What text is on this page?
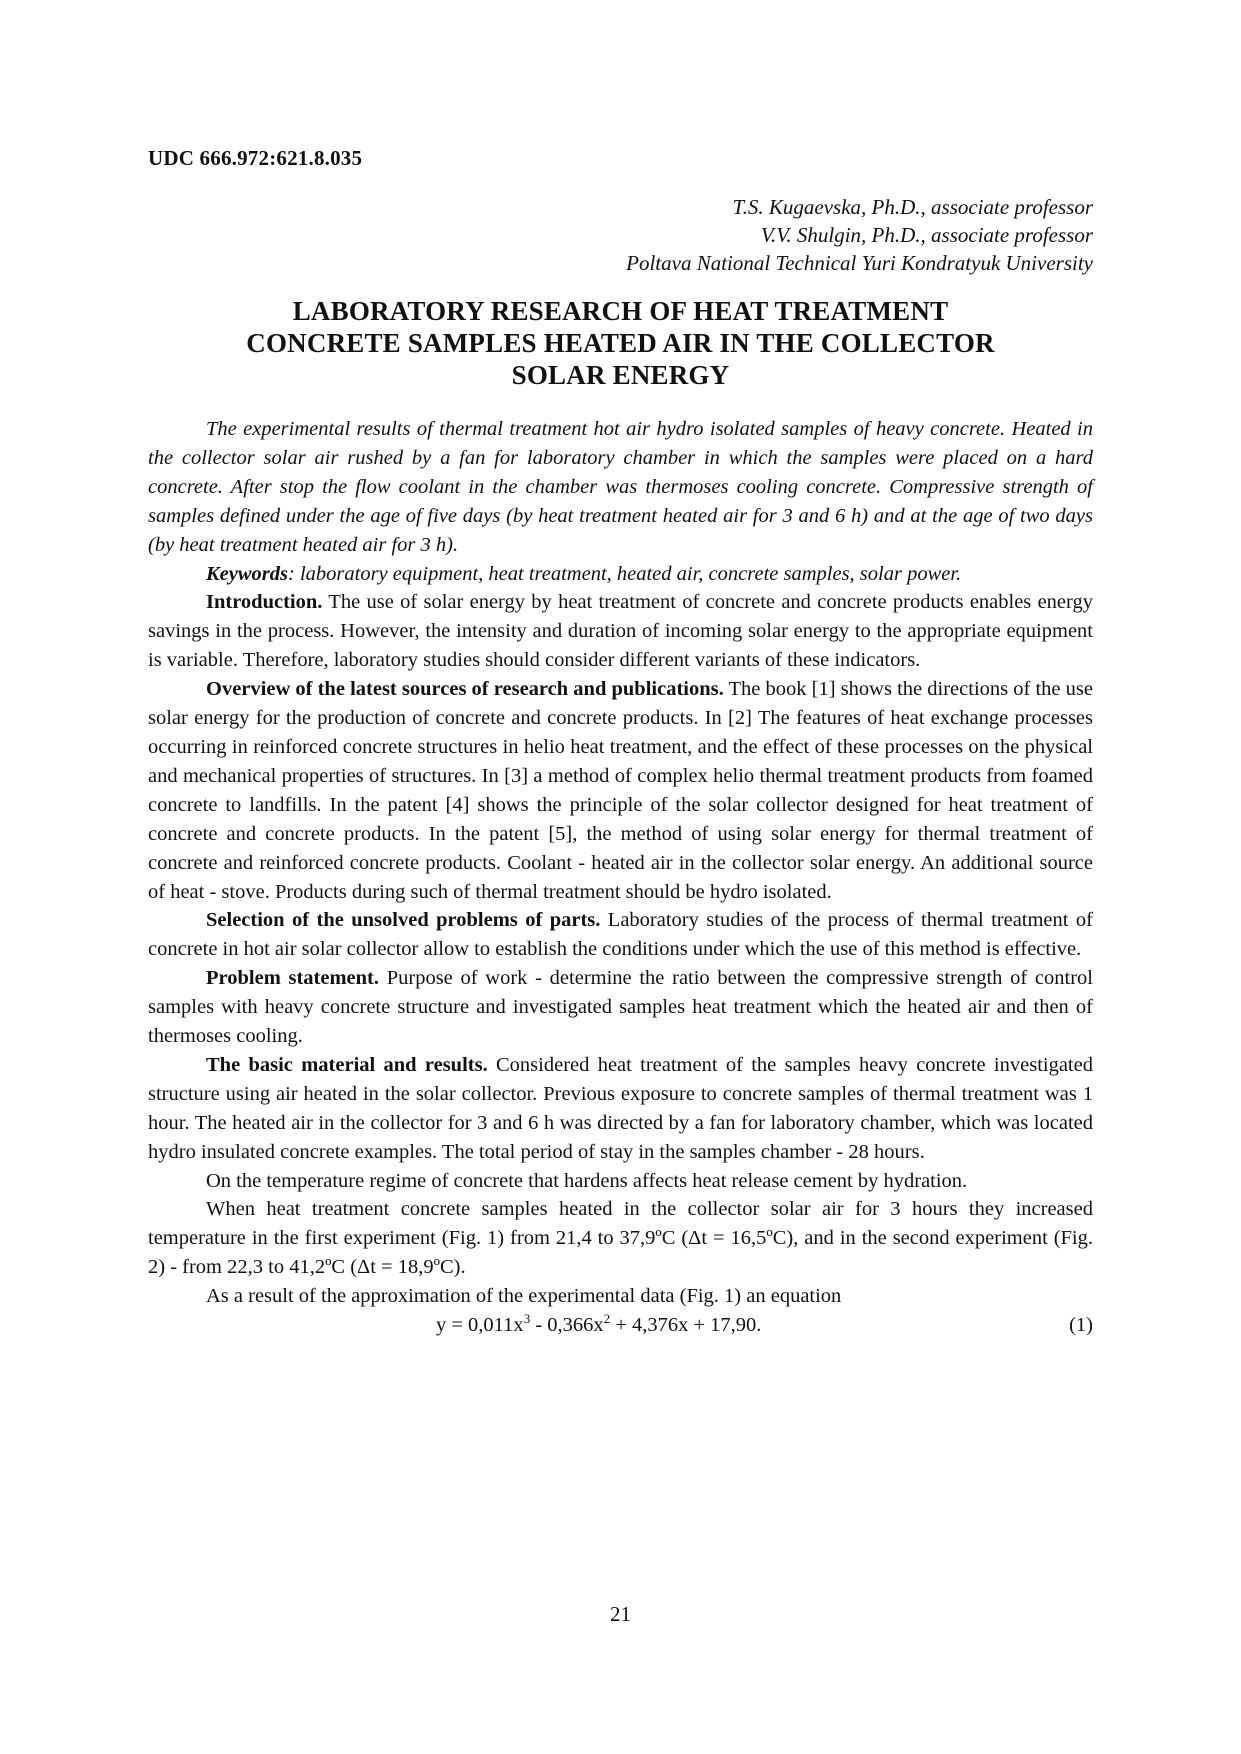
UDC 666.972:621.8.035
T.S. Kugaevska, Ph.D., associate professor
V.V. Shulgin, Ph.D., associate professor
Poltava National Technical Yuri Kondratyuk University
LABORATORY RESEARCH OF HEAT TREATMENT
CONCRETE SAMPLES HEATED AIR IN THE COLLECTOR
SOLAR ENERGY

The experimental results of thermal treatment hot air hydro isolated samples of heavy concrete. Heated in the collector solar air rushed by a fan for laboratory chamber in which the samples were placed on a hard concrete. After stop the flow coolant in the chamber was thermoses cooling concrete. Compressive strength of samples defined under the age of five days (by heat treatment heated air for 3 and 6 h) and at the age of two days (by heat treatment heated air for 3 h).

Keywords: laboratory equipment, heat treatment, heated air, concrete samples, solar power.

Introduction. The use of solar energy by heat treatment of concrete and concrete products enables energy savings in the process. However, the intensity and duration of incoming solar energy to the appropriate equipment is variable. Therefore, laboratory studies should consider different variants of these indicators.

Overview of the latest sources of research and publications. The book [1] shows the directions of the use solar energy for the production of concrete and concrete products. In [2] The features of heat exchange processes occurring in reinforced concrete structures in helio heat treatment, and the effect of these processes on the physical and mechanical properties of structures. In [3] a method of complex helio thermal treatment products from foamed concrete to landfills. In the patent [4] shows the principle of the solar collector designed for heat treatment of concrete and concrete products. In the patent [5], the method of using solar energy for thermal treatment of concrete and reinforced concrete products. Coolant - heated air in the collector solar energy. An additional source of heat - stove. Products during such of thermal treatment should be hydro isolated.

Selection of the unsolved problems of parts. Laboratory studies of the process of thermal treatment of concrete in hot air solar collector allow to establish the conditions under which the use of this method is effective.

Problem statement. Purpose of work - determine the ratio between the compressive strength of control samples with heavy concrete structure and investigated samples heat treatment which the heated air and then of thermoses cooling.

The basic material and results. Considered heat treatment of the samples heavy concrete investigated structure using air heated in the solar collector. Previous exposure to concrete samples of thermal treatment was 1 hour. The heated air in the collector for 3 and 6 h was directed by a fan for laboratory chamber, which was located hydro insulated concrete examples. The total period of stay in the samples chamber - 28 hours.

On the temperature regime of concrete that hardens affects heat release cement by hydration.

When heat treatment concrete samples heated in the collector solar air for 3 hours they increased temperature in the first experiment (Fig. 1) from 21,4 to 37,9ºC (Δt = 16,5ºC), and in the second experiment (Fig. 2) - from 22,3 to 41,2ºC (Δt = 18,9ºC).

As a result of the approximation of the experimental data (Fig. 1) an equation

$y = 0,011x^3 - 0,366x^2 + 4,376x + 17,90$.	(1)

21
